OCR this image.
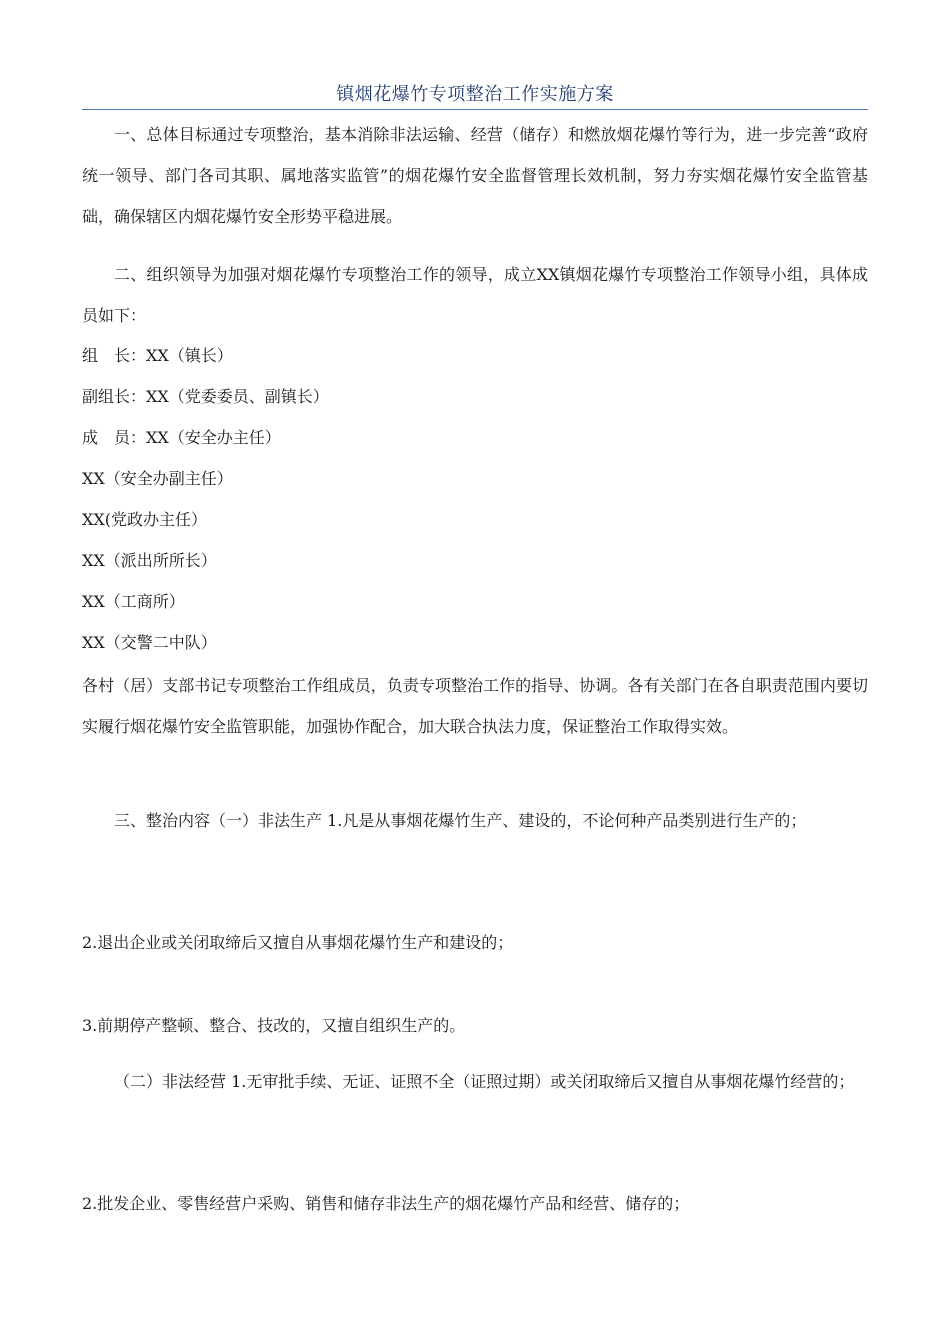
镇烟花爆竹专项整治工作实施方案

一、总体目标通过专项整治，基本消除非法运输、经营（储存）和燃放烟花爆竹等行为，进一步完善“政府统一领导、部门各司其职、属地落实监管”的烟花爆竹安全监督管理长效机制，努力夯实烟花爆竹安全监管基础，确保辖区内烟花爆竹安全形势平稳进展。

二、组织领导为加强对烟花爆竹专项整治工作的领导，成立XX镇烟花爆竹专项整治工作领导小组，具体成员如下：

组　长：XX（镇长）
副组长：XX（党委委员、副镇长）
成　员：XX（安全办主任）
XX（安全办副主任）
XX(党政办主任）
XX（派出所所长）
XX（工商所）
XX（交警二中队）

各村（居）支部书记专项整治工作组成员，负责专项整治工作的指导、协调。各有关部门在各自职责范围内要切实履行烟花爆竹安全监管职能，加强协作配合，加大联合执法力度，保证整治工作取得实效。

三、整治内容（一）非法生产 1.凡是从事烟花爆竹生产、建设的，不论何种产品类别进行生产的；

2.退出企业或关闭取缔后又擅自从事烟花爆竹生产和建设的；

3.前期停产整顿、整合、技改的，又擅自组织生产的。

（二）非法经营 1.无审批手续、无证、证照不全（证照过期）或关闭取缔后又擅自从事烟花爆竹经营的；

2.批发企业、零售经营户采购、销售和储存非法生产的烟花爆竹产品和经营、储存的；
